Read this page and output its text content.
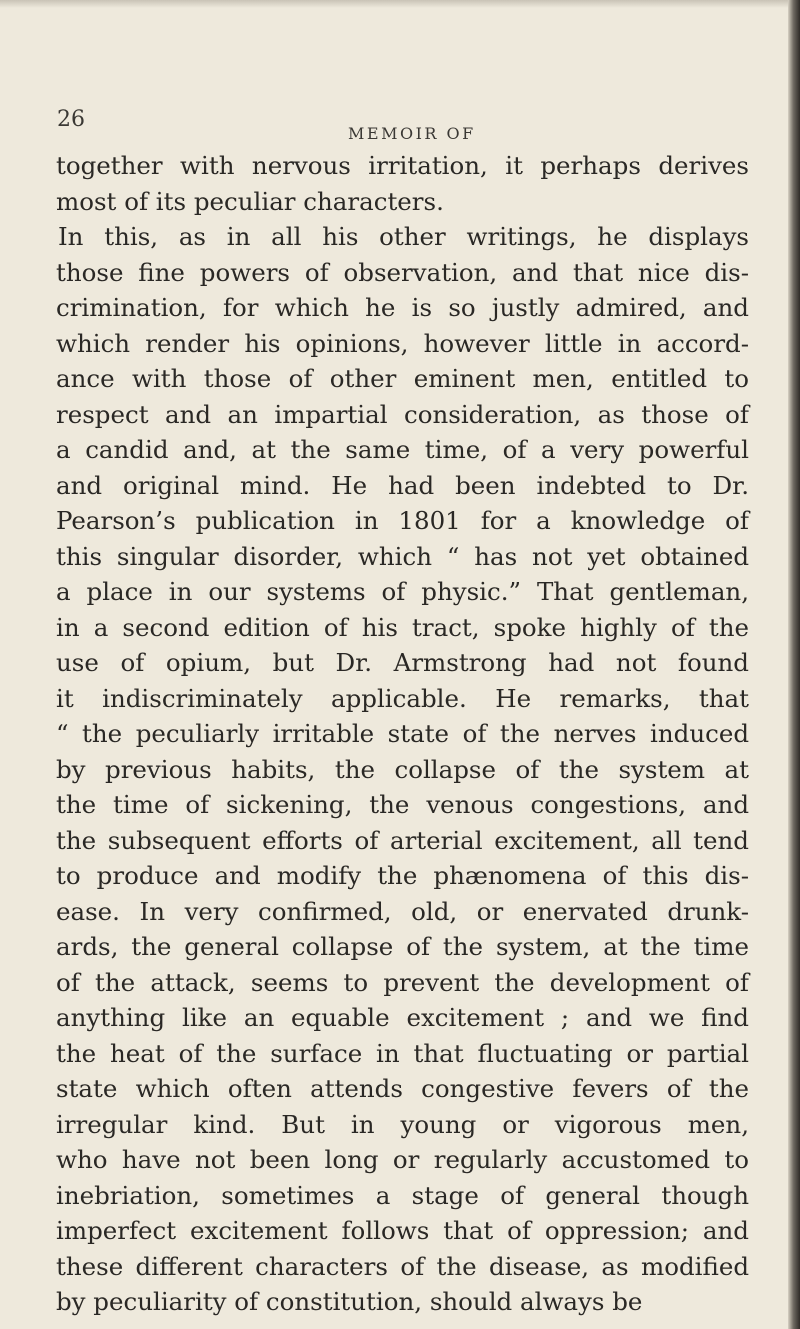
26
MEMOIR OF
together with nervous irritation, it perhaps derives
most of its peculiar characters.
In this, as in all his other writings, he displays
those fine powers of observation, and that nice dis-
crimination, for which he is so justly admired, and
which render his opinions, however little in accord-
ance with those of other eminent men, entitled to
respect and an impartial consideration, as those of
a candid and, at the same time, of a very powerful
and original mind. He had been indebted to Dr.
Pearson’s publication in 1801 for a knowledge of
this singular disorder, which “ has not yet obtained
a place in our systems of physic.” That gentleman,
in a second edition of his tract, spoke highly of the
use of opium, but Dr. Armstrong had not found
it indiscriminately applicable. He remarks, that
“ the peculiarly irritable state of the nerves induced
by previous habits, the collapse of the system at
the time of sickening, the venous congestions, and
the subsequent efforts of arterial excitement, all tend
to produce and modify the phænomena of this dis-
ease. In very confirmed, old, or enervated drunk-
ards, the general collapse of the system, at the time
of the attack, seems to prevent the development of
anything like an equable excitement ; and we find
the heat of the surface in that fluctuating or partial
state which often attends congestive fevers of the
irregular kind. But in young or vigorous men,
who have not been long or regularly accustomed to
inebriation, sometimes a stage of general though
imperfect excitement follows that of oppression; and
these different characters of the disease, as modified
by peculiarity of constitution, should always be
